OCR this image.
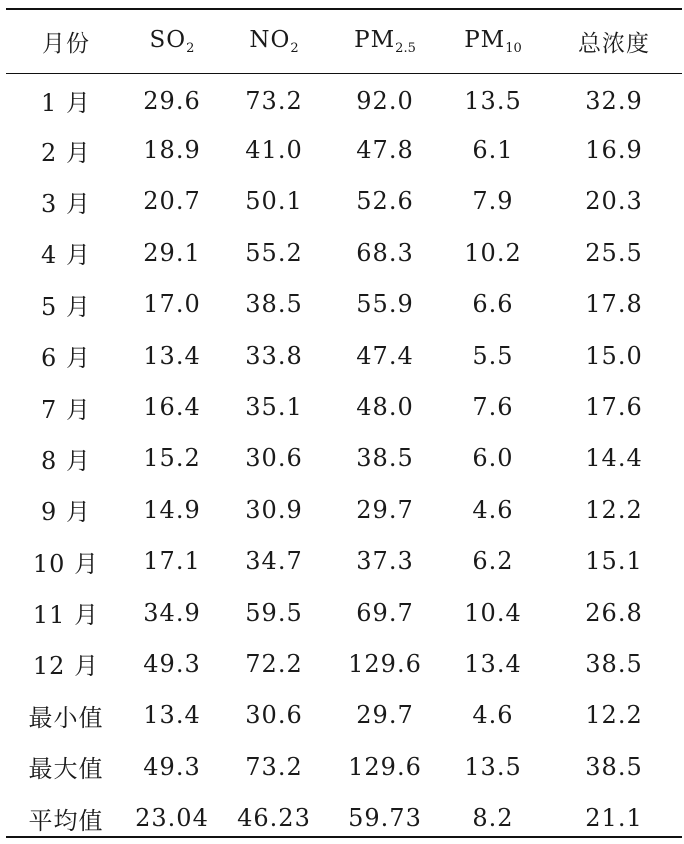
月份	$SO_2$	$NO_2$	$PM_{2.5}$	$PM_{10}$	总浓度
1 月	29.6	73.2	92.0	13.5	32.9
2 月	18.9	41.0	47.8	6.1	16.9
3 月	20.7	50.1	52.6	7.9	20.3
4 月	29.1	55.2	68.3	10.2	25.5
5 月	17.0	38.5	55.9	6.6	17.8
6 月	13.4	33.8	47.4	5.5	15.0
7 月	16.4	35.1	48.0	7.6	17.6
8 月	15.2	30.6	38.5	6.0	14.4
9 月	14.9	30.9	29.7	4.6	12.2
10 月	17.1	34.7	37.3	6.2	15.1
11 月	34.9	59.5	69.7	10.4	26.8
12 月	49.3	72.2	129.6	13.4	38.5
最小值	13.4	30.6	29.7	4.6	12.2
最大值	49.3	73.2	129.6	13.5	38.5
平均值	23.04	46.23	59.73	8.2	21.1
